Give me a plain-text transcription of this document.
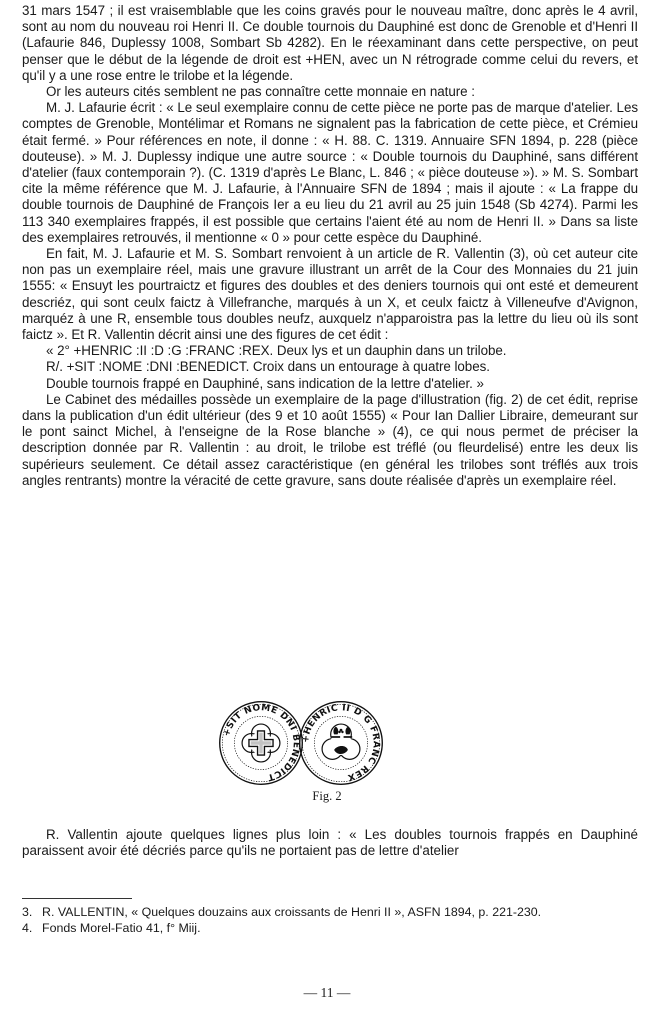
31 mars 1547 ; il est vraisemblable que les coins gravés pour le nouveau maître, donc après le 4 avril, sont au nom du nouveau roi Henri II. Ce double tournois du Dauphiné est donc de Grenoble et d'Henri II (Lafaurie 846, Duplessy 1008, Sombart Sb 4282). En le réexaminant dans cette perspective, on peut penser que le début de la légende de droit est +HEN, avec un N rétrograde comme celui du revers, et qu'il y a une rose entre le trilobe et la légende.

Or les auteurs cités semblent ne pas connaître cette monnaie en nature :

M. J. Lafaurie écrit : « Le seul exemplaire connu de cette pièce ne porte pas de marque d'atelier. Les comptes de Grenoble, Montélimar et Romans ne signalent pas la fabrication de cette pièce, et Crémieu était fermé. » Pour références en note, il donne : « H. 88. C. 1319. Annuaire SFN 1894, p. 228 (pièce douteuse). » M. J. Duplessy indique une autre source : « Double tournois du Dauphiné, sans différent d'atelier (faux contemporain ?). (C. 1319 d'après Le Blanc, L. 846 ; « pièce douteuse »). » M. S. Sombart cite la même référence que M. J. Lafaurie, à l'Annuaire SFN de 1894 ; mais il ajoute : « La frappe du double tournois de Dauphiné de François Ier a eu lieu du 21 avril au 25 juin 1548 (Sb 4274). Parmi les 113 340 exemplaires frappés, il est possible que certains l'aient été au nom de Henri II. » Dans sa liste des exemplaires retrouvés, il mentionne « 0 » pour cette espèce du Dauphiné.

En fait, M. J. Lafaurie et M. S. Sombart renvoient à un article de R. Vallentin (3), où cet auteur cite non pas un exemplaire réel, mais une gravure illustrant un arrêt de la Cour des Monnaies du 21 juin 1555: « Ensuyt les pourtraictz et figures des doubles et des deniers tournois qui ont esté et demeurent descriéz, qui sont ceulx faictz à Villefranche, marqués à un X, et ceulx faictz à Villeneufve d'Avignon, marquéz à une R, ensemble tous doubles neufz, auxquelz n'apparoistra pas la lettre du lieu où ils sont faictz ». Et R. Vallentin décrit ainsi une des figures de cet édit :

« 2° +HENRIC :II :D :G :FRANC :REX. Deux lys et un dauphin dans un trilobe.

R/. +SIT :NOME :DNI :BENEDICT. Croix dans un entourage à quatre lobes.

Double tournois frappé en Dauphiné, sans indication de la lettre d'atelier. »

Le Cabinet des médailles possède un exemplaire de la page d'illustration (fig. 2) de cet édit, reprise dans la publication d'un édit ultérieur (des 9 et 10 août 1555) « Pour Ian Dallier Libraire, demeurant sur le pont sainct Michel, à l'enseigne de la Rose blanche » (4), ce qui nous permet de préciser la description donnée par R. Vallentin : au droit, le trilobe est tréflé (ou fleurdelisé) entre les deux lis supérieurs seulement. Ce détail assez caractéristique (en général les trilobes sont tréflés aux trois angles rentrants) montre la véracité de cette gravure, sans doute réalisée d'après un exemplaire réel.

+SIT NOME DNI BENEDICT
+HENRIC II D G FRANC REX
Fig. 2

R. Vallentin ajoute quelques lignes plus loin : « Les doubles tournois frappés en Dauphiné paraissent avoir été décriés parce qu'ils ne portaient pas de lettre d'atelier

3. R. VALLENTIN, « Quelques douzains aux croissants de Henri II », ASFN 1894, p. 221-230.
4. Fonds Morel-Fatio 41, f° Miij.
— 11 —
